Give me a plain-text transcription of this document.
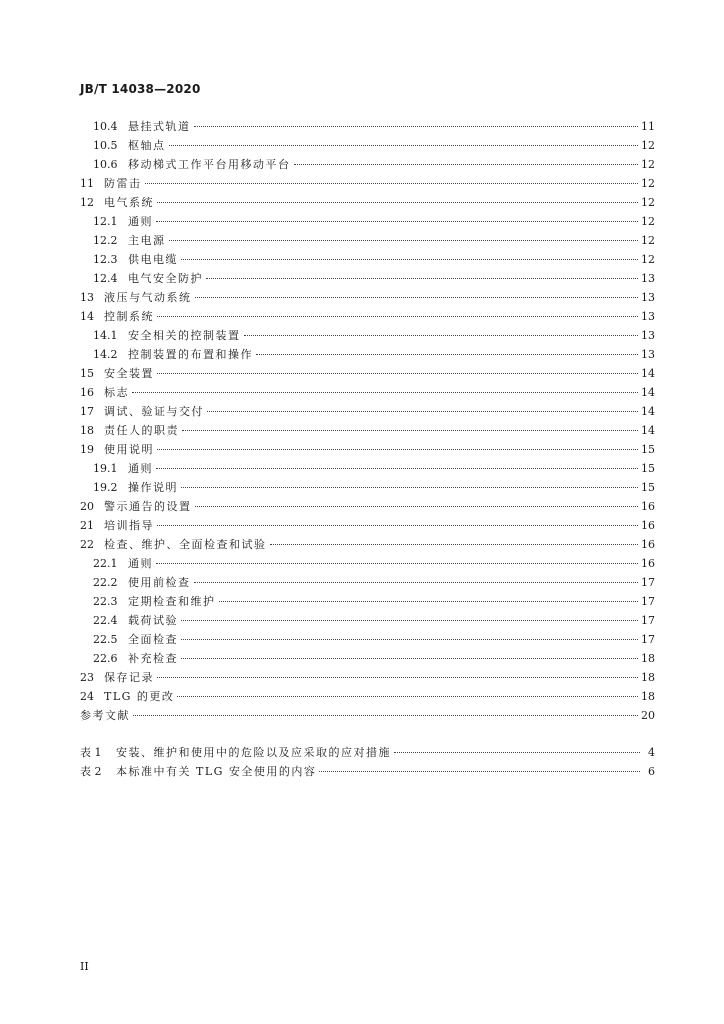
JB/T 14038—2020
10.4 悬挂式轨道	11
10.5 枢轴点	12
10.6 移动梯式工作平台用移动平台	12
11 防雷击	12
12 电气系统	12
12.1 通则	12
12.2 主电源	12
12.3 供电电缆	12
12.4 电气安全防护	13
13 液压与气动系统	13
14 控制系统	13
14.1 安全相关的控制装置	13
14.2 控制装置的布置和操作	13
15 安全装置	14
16 标志	14
17 调试、验证与交付	14
18 责任人的职责	14
19 使用说明	15
19.1 通则	15
19.2 操作说明	15
20 警示通告的设置	16
21 培训指导	16
22 检查、维护、全面检查和试验	16
22.1 通则	16
22.2 使用前检查	17
22.3 定期检查和维护	17
22.4 载荷试验	17
22.5 全面检查	17
22.6 补充检查	18
23 保存记录	18
24 TLG 的更改	18
参考文献	20
表 1	安装、维护和使用中的危险以及应采取的应对措施	4
表 2	本标准中有关 TLG 安全使用的内容	6
II
